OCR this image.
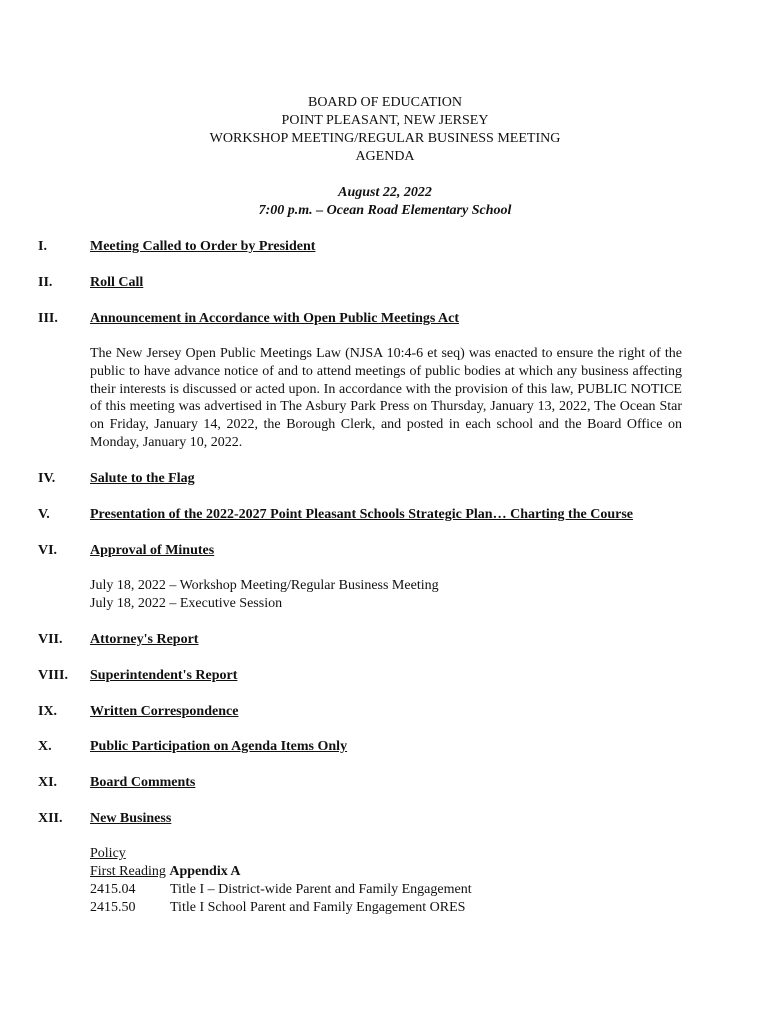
BOARD OF EDUCATION
POINT PLEASANT, NEW JERSEY
WORKSHOP MEETING/REGULAR BUSINESS MEETING
AGENDA
August 22, 2022
7:00 p.m. – Ocean Road Elementary School
I.	Meeting Called to Order by President
II.	Roll Call
III.	Announcement in Accordance with Open Public Meetings Act
The New Jersey Open Public Meetings Law (NJSA 10:4-6 et seq) was enacted to ensure the right of the public to have advance notice of and to attend meetings of public bodies at which any business affecting their interests is discussed or acted upon. In accordance with the provision of this law, PUBLIC NOTICE of this meeting was advertised in The Asbury Park Press on Thursday, January 13, 2022, The Ocean Star on Friday, January 14, 2022, the Borough Clerk, and posted in each school and the Board Office on Monday, January 10, 2022.
IV.	Salute to the Flag
V.	Presentation of the 2022-2027 Point Pleasant Schools Strategic Plan… Charting the Course
VI.	Approval of Minutes
July 18, 2022 – Workshop Meeting/Regular Business Meeting
July 18, 2022 – Executive Session
VII.	Attorney's Report
VIII.	Superintendent's Report
IX.	Written Correspondence
X.	Public Participation on Agenda Items Only
XI.	Board Comments
XII.	New Business
Policy
First Reading Appendix A
2415.04 Title I – District-wide Parent and Family Engagement
2415.50 Title I School Parent and Family Engagement ORES
